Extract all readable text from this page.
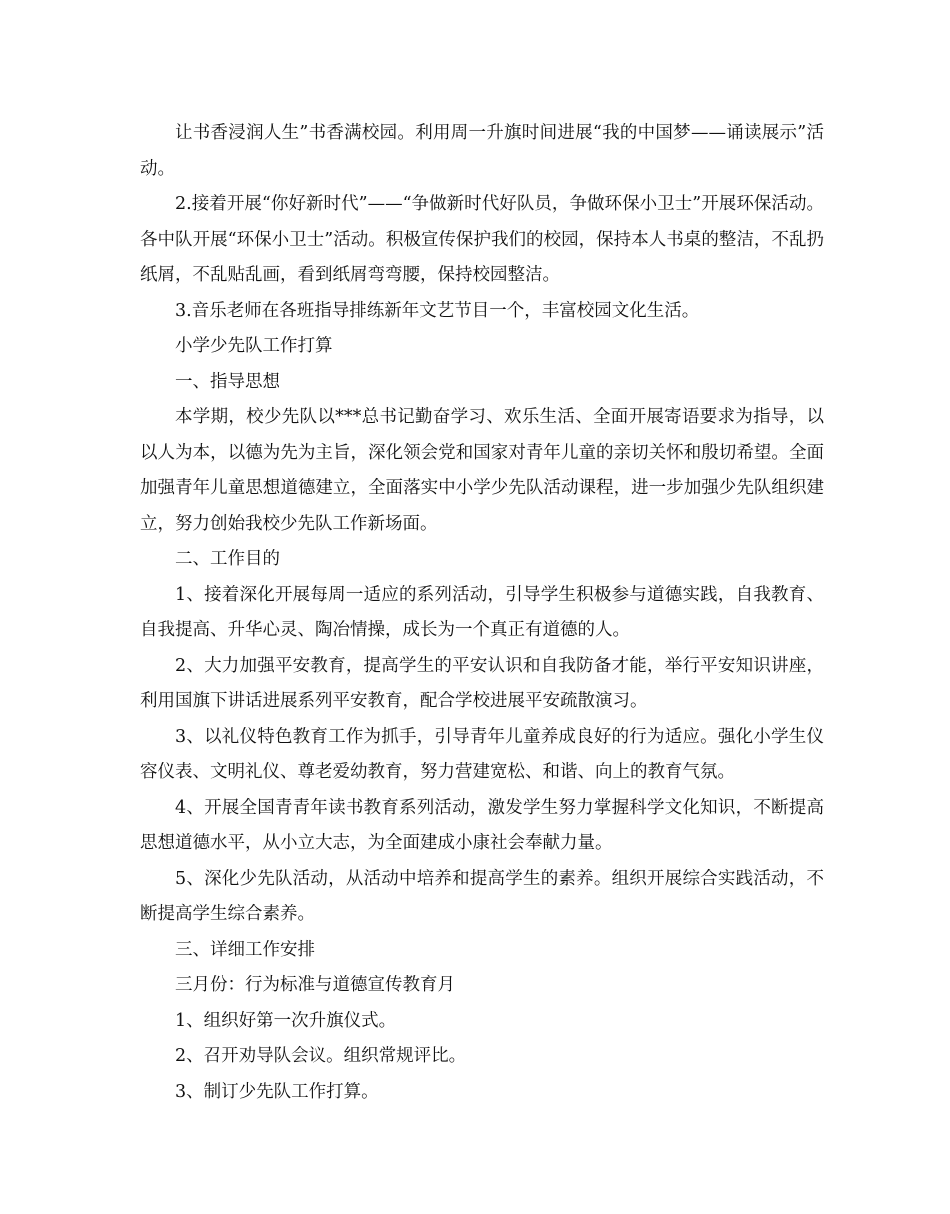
让书香浸润人生”书香满校园。利用周一升旗时间进展“我的中国梦——诵读展示”活动。

2.接着开展“你好新时代”——“争做新时代好队员，争做环保小卫士”开展环保活动。各中队开展“环保小卫士”活动。积极宣传保护我们的校园，保持本人书桌的整洁，不乱扔纸屑，不乱贴乱画，看到纸屑弯弯腰，保持校园整洁。

3.音乐老师在各班指导排练新年文艺节目一个，丰富校园文化生活。

小学少先队工作打算

一、指导思想

本学期，校少先队以***总书记勤奋学习、欢乐生活、全面开展寄语要求为指导，以以人为本，以德为先为主旨，深化领会党和国家对青年儿童的亲切关怀和殷切希望。全面加强青年儿童思想道德建立，全面落实中小学少先队活动课程，进一步加强少先队组织建立，努力创始我校少先队工作新场面。

二、工作目的

1、接着深化开展每周一适应的系列活动，引导学生积极参与道德实践，自我教育、自我提高、升华心灵、陶冶情操，成长为一个真正有道德的人。

2、大力加强平安教育，提高学生的平安认识和自我防备才能，举行平安知识讲座，利用国旗下讲话进展系列平安教育，配合学校进展平安疏散演习。

3、以礼仪特色教育工作为抓手，引导青年儿童养成良好的行为适应。强化小学生仪容仪表、文明礼仪、尊老爱幼教育，努力营建宽松、和谐、向上的教育气氛。

4、开展全国青青年读书教育系列活动，激发学生努力掌握科学文化知识，不断提高思想道德水平，从小立大志，为全面建成小康社会奉献力量。

5、深化少先队活动，从活动中培养和提高学生的素养。组织开展综合实践活动，不断提高学生综合素养。

三、详细工作安排

三月份：行为标准与道德宣传教育月

1、组织好第一次升旗仪式。

2、召开劝导队会议。组织常规评比。

3、制订少先队工作打算。
